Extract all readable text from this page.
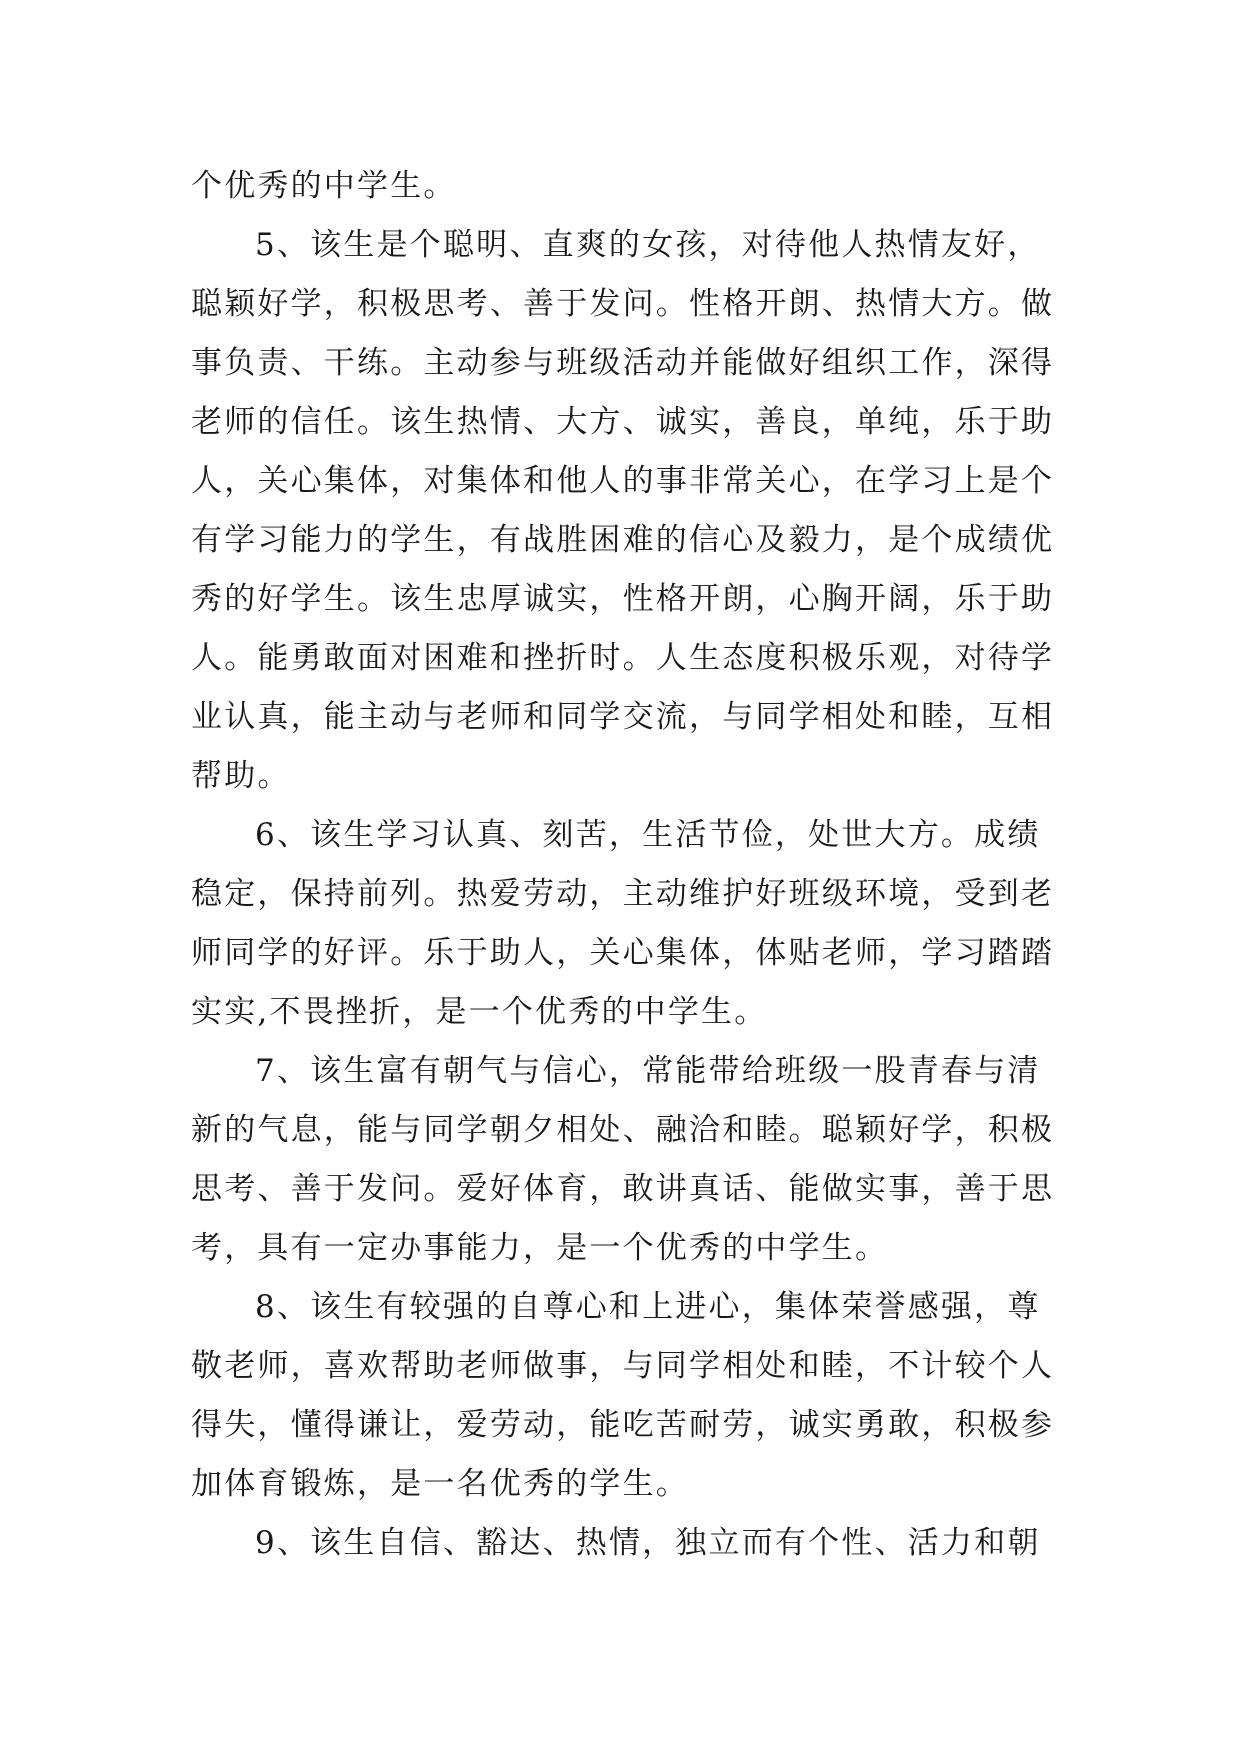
个优秀的中学生。
5、该生是个聪明、直爽的女孩，对待他人热情友好，
聪颖好学，积极思考、善于发问。性格开朗、热情大方。做
事负责、干练。主动参与班级活动并能做好组织工作，深得
老师的信任。该生热情、大方、诚实，善良，单纯，乐于助
人，关心集体，对集体和他人的事非常关心，在学习上是个
有学习能力的学生，有战胜困难的信心及毅力，是个成绩优
秀的好学生。该生忠厚诚实，性格开朗，心胸开阔，乐于助
人。能勇敢面对困难和挫折时。人生态度积极乐观，对待学
业认真，能主动与老师和同学交流，与同学相处和睦，互相
帮助。
6、该生学习认真、刻苦，生活节俭，处世大方。成绩
稳定，保持前列。热爱劳动，主动维护好班级环境，受到老
师同学的好评。乐于助人，关心集体，体贴老师，学习踏踏
实实,不畏挫折，是一个优秀的中学生。
7、该生富有朝气与信心，常能带给班级一股青春与清
新的气息，能与同学朝夕相处、融洽和睦。聪颖好学，积极
思考、善于发问。爱好体育，敢讲真话、能做实事，善于思
考，具有一定办事能力，是一个优秀的中学生。
8、该生有较强的自尊心和上进心，集体荣誉感强，尊
敬老师，喜欢帮助老师做事，与同学相处和睦，不计较个人
得失，懂得谦让，爱劳动，能吃苦耐劳，诚实勇敢，积极参
加体育锻炼，是一名优秀的学生。
9、该生自信、豁达、热情，独立而有个性、活力和朝
